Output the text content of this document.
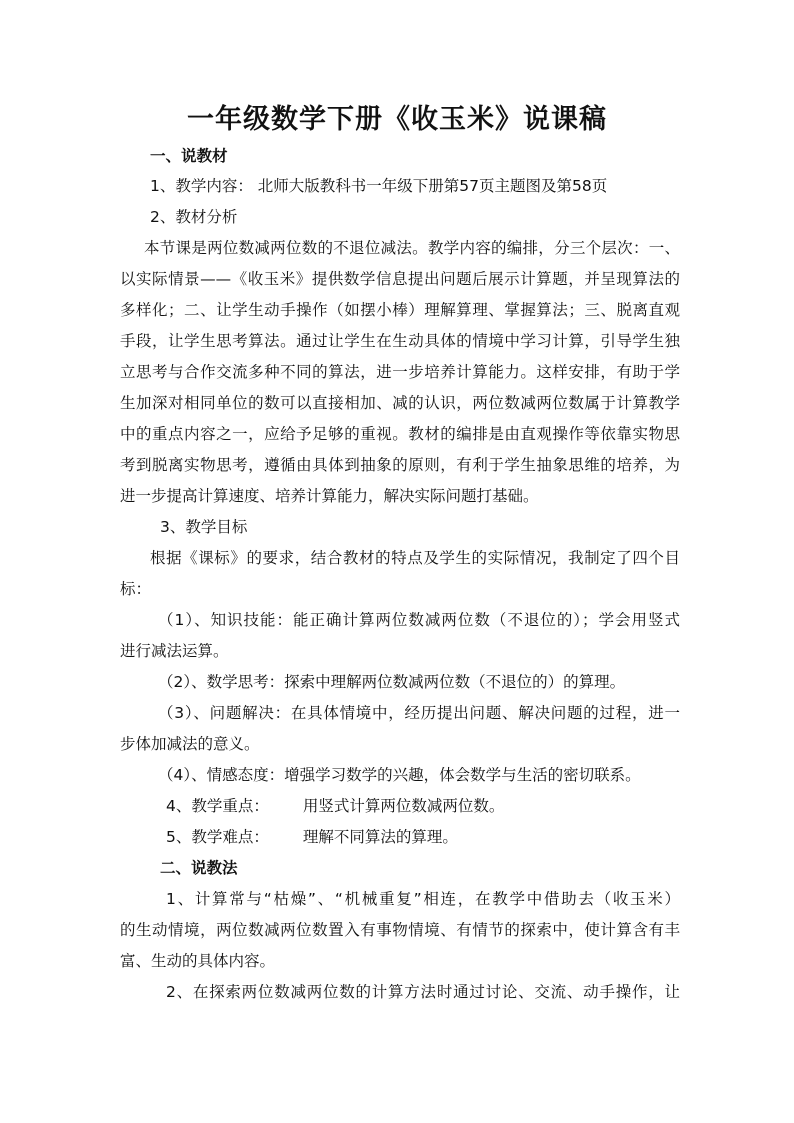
一年级数学下册《收玉米》说课稿

一、说教材

1、教学内容： 北师大版教科书一年级下册第57页主题图及第58页

2、教材分析

本节课是两位数减两位数的不退位减法。教学内容的编排，分三个层次：一、

以实际情景——《收玉米》提供数学信息提出问题后展示计算题，并呈现算法的

多样化；二、让学生动手操作（如摆小棒）理解算理、掌握算法；三、脱离直观

手段，让学生思考算法。通过让学生在生动具体的情境中学习计算，引导学生独

立思考与合作交流多种不同的算法，进一步培养计算能力。这样安排，有助于学

生加深对相同单位的数可以直接相加、减的认识，两位数减两位数属于计算教学

中的重点内容之一，应给予足够的重视。教材的编排是由直观操作等依靠实物思

考到脱离实物思考，遵循由具体到抽象的原则，有利于学生抽象思维的培养，为

进一步提高计算速度、培养计算能力，解决实际问题打基础。

3、教学目标

根据《课标》的要求，结合教材的特点及学生的实际情况，我制定了四个目

标：

（1）、知识技能：能正确计算两位数减两位数（不退位的）；学会用竖式

进行减法运算。

（2）、数学思考：探索中理解两位数减两位数（不退位的）的算理。

（3）、问题解决：在具体情境中，经历提出问题、解决问题的过程，进一

步体加减法的意义。

（4）、情感态度：增强学习数学的兴趣，体会数学与生活的密切联系。

4、教学重点： 用竖式计算两位数减两位数。

5、教学难点： 理解不同算法的算理。

二、说教法

1、计算常与“枯燥”、“机械重复”相连，在教学中借助去（收玉米）

的生动情境，两位数减两位数置入有事物情境、有情节的探索中，使计算含有丰

富、生动的具体内容。

2、在探索两位数减两位数的计算方法时通过讨论、交流、动手操作，让
